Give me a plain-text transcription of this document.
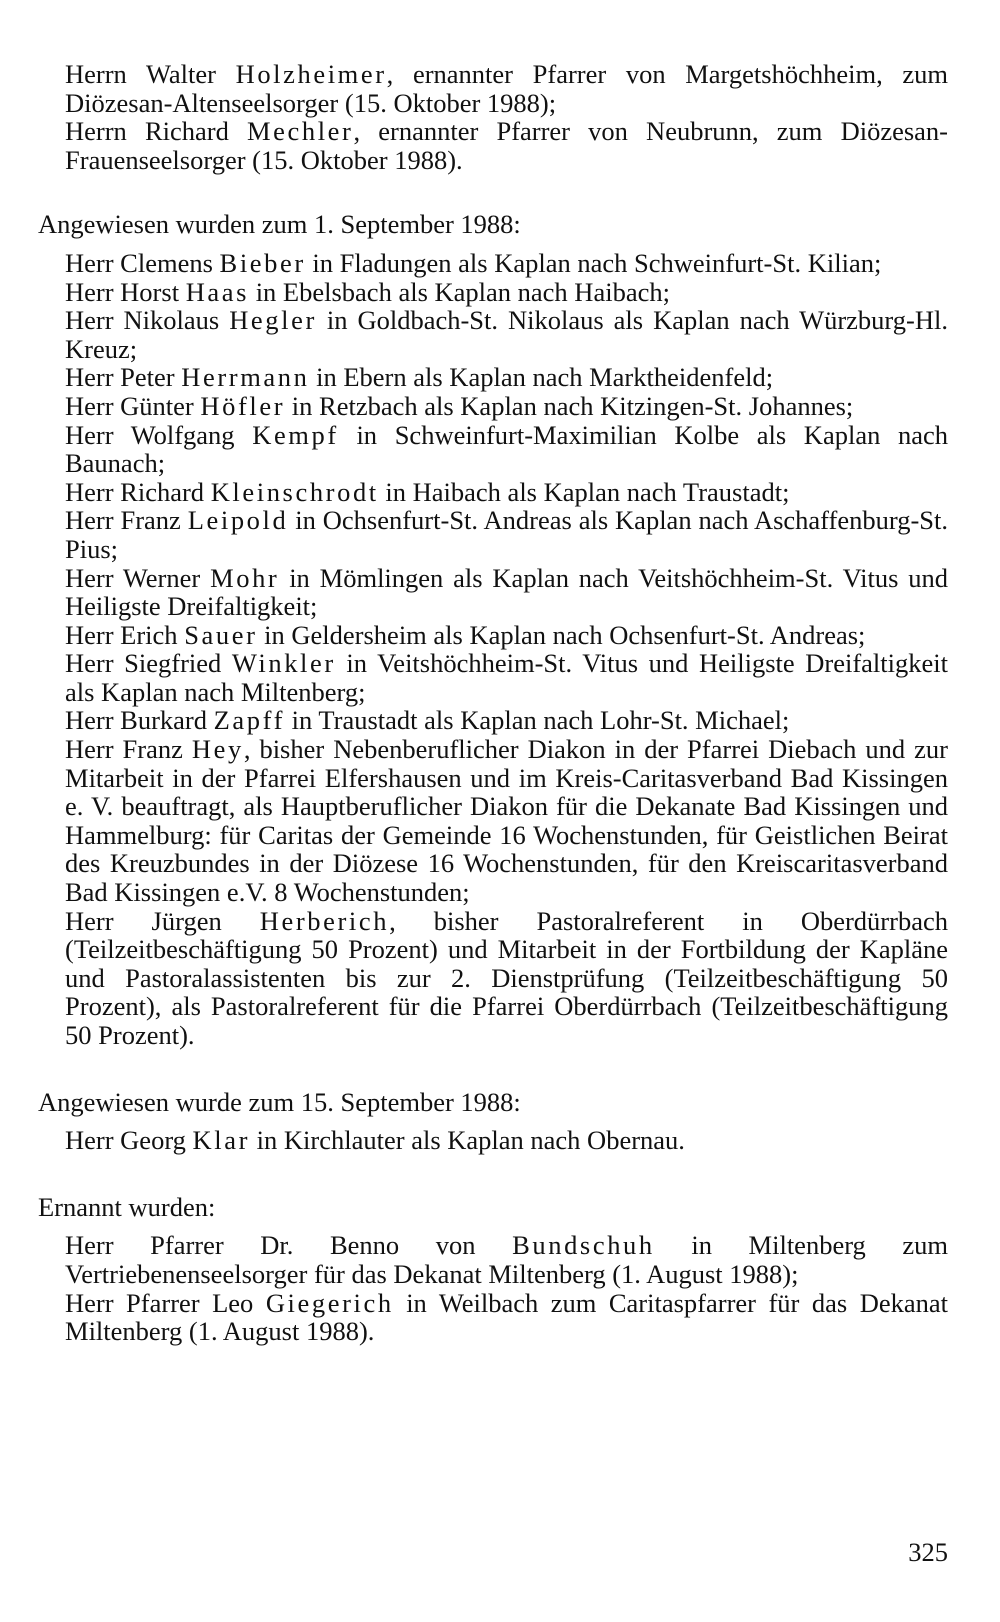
Herrn Walter Holzheimer, ernannter Pfarrer von Margetshöchheim, zum Diözesan-Altenseelsorger (15. Oktober 1988);
Herrn Richard Mechler, ernannter Pfarrer von Neubrunn, zum Diözesan-Frauenseelsorger (15. Oktober 1988).
Angewiesen wurden zum 1. September 1988:
Herr Clemens Bieber in Fladungen als Kaplan nach Schweinfurt-St. Kilian;
Herr Horst Haas in Ebelsbach als Kaplan nach Haibach;
Herr Nikolaus Hegler in Goldbach-St. Nikolaus als Kaplan nach Würzburg-Hl. Kreuz;
Herr Peter Herrmann in Ebern als Kaplan nach Marktheidenfeld;
Herr Günter Höfler in Retzbach als Kaplan nach Kitzingen-St. Johannes;
Herr Wolfgang Kempf in Schweinfurt-Maximilian Kolbe als Kaplan nach Baunach;
Herr Richard Kleinschrodt in Haibach als Kaplan nach Traustadt;
Herr Franz Leipold in Ochsenfurt-St. Andreas als Kaplan nach Aschaffenburg-St. Pius;
Herr Werner Mohr in Mömlingen als Kaplan nach Veitshöchheim-St. Vitus und Heiligste Dreifaltigkeit;
Herr Erich Sauer in Geldersheim als Kaplan nach Ochsenfurt-St. Andreas;
Herr Siegfried Winkler in Veitshöchheim-St. Vitus und Heiligste Dreifaltigkeit als Kaplan nach Miltenberg;
Herr Burkard Zapff in Traustadt als Kaplan nach Lohr-St. Michael;
Herr Franz Hey, bisher Nebenberuflicher Diakon in der Pfarrei Diebach und zur Mitarbeit in der Pfarrei Elfershausen und im Kreis-Caritasverband Bad Kissingen e. V. beauftragt, als Hauptberuflicher Diakon für die Dekanate Bad Kissingen und Hammelburg: für Caritas der Gemeinde 16 Wochenstunden, für Geistlichen Beirat des Kreuzbundes in der Diözese 16 Wochenstunden, für den Kreiscaritasverband Bad Kissingen e.V. 8 Wochenstunden;
Herr Jürgen Herberich, bisher Pastoralreferent in Oberdürrbach (Teilzeitbeschäftigung 50 Prozent) und Mitarbeit in der Fortbildung der Kapläne und Pastoralassistenten bis zur 2. Dienstprüfung (Teilzeitbeschäftigung 50 Prozent), als Pastoralreferent für die Pfarrei Oberdürrbach (Teilzeitbeschäftigung 50 Prozent).
Angewiesen wurde zum 15. September 1988:
Herr Georg Klar in Kirchlauter als Kaplan nach Obernau.
Ernannt wurden:
Herr Pfarrer Dr. Benno von Bundschuh in Miltenberg zum Vertriebenenseelsorger für das Dekanat Miltenberg (1. August 1988);
Herr Pfarrer Leo Giegerich in Weilbach zum Caritaspfarrer für das Dekanat Miltenberg (1. August 1988).
325
